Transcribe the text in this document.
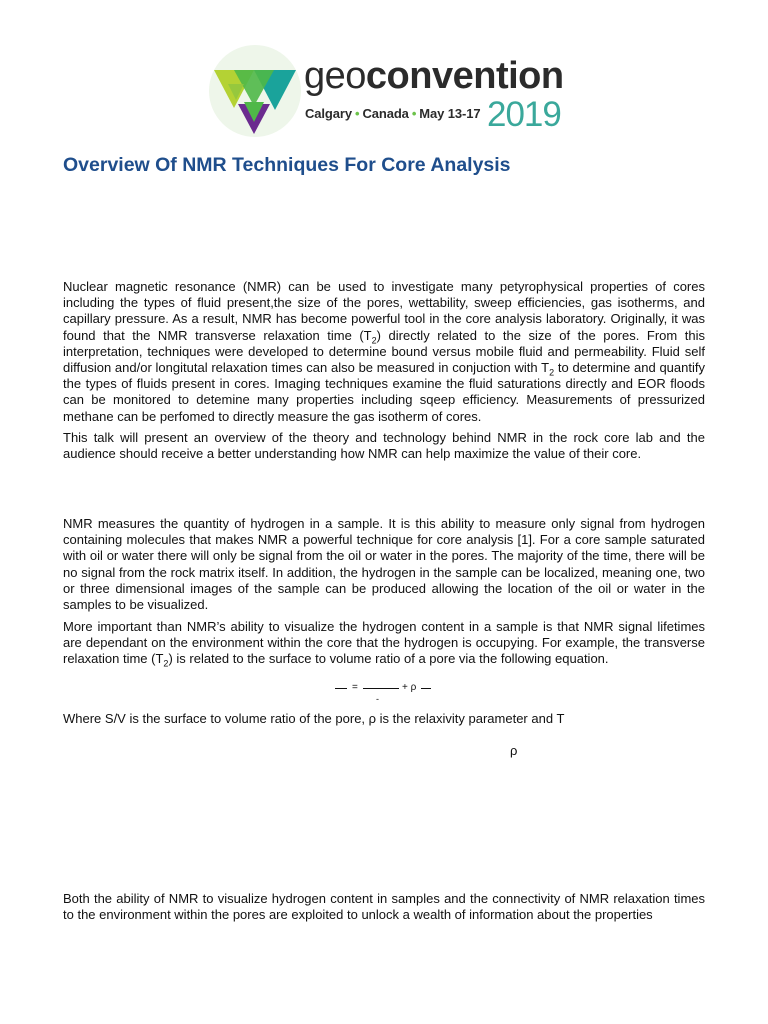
geoconvention
Calgary • Canada • May 13-17 2019
Overview Of NMR Techniques For Core Analysis

Nuclear magnetic resonance (NMR) can be used to investigate many petyrophysical properties of cores including the types of fluid present,the size of the pores, wettability, sweep efficiencies, gas isotherms, and capillary pressure. As a result, NMR has become powerful tool in the core analysis laboratory. Originally, it was found that the NMR transverse relaxation time $(T_2)$ directly related to the size of the pores. From this interpretation, techniques were developed to determine bound versus mobile fluid and permeability. Fluid self diffusion and/or longitutal relaxation times can also be measured in conjuction with $T_2$ to determine and quantify the types of fluids present in cores. Imaging techniques examine the fluid saturations directly and EOR floods can be monitored to detemine many properties including sqeep efficiency. Measurements of pressurized methane can be perfomed to directly measure the gas isotherm of cores.

This talk will present an overview of the theory and technology behind NMR in the rock core lab and the audience should receive a better understanding how NMR can help maximize the value of their core.

NMR measures the quantity of hydrogen in a sample. It is this ability to measure only signal from hydrogen containing molecules that makes NMR a powerful technique for core analysis [1]. For a core sample saturated with oil or water there will only be signal from the oil or water in the pores. The majority of the time, there will be no signal from the rock matrix itself. In addition, the hydrogen in the sample can be localized, meaning one, two or three dimensional images of the sample can be produced allowing the location of the oil or water in the samples to be visualized.

More important than NMR’s ability to visualize the hydrogen content in a sample is that NMR signal lifetimes are dependant on the environment within the core that the hydrogen is occupying. For example, the transverse relaxation time $(T_2)$ is related to the surface to volume ratio of a pore via the following equation.

=	+ ρ
-

Where S/V is the surface to volume ratio of the pore, ρ is the relaxivity parameter and T

ρ

Both the ability of NMR to visualize hydrogen content in samples and the connectivity of NMR relaxation times to the environment within the pores are exploited to unlock a wealth of information about the properties
